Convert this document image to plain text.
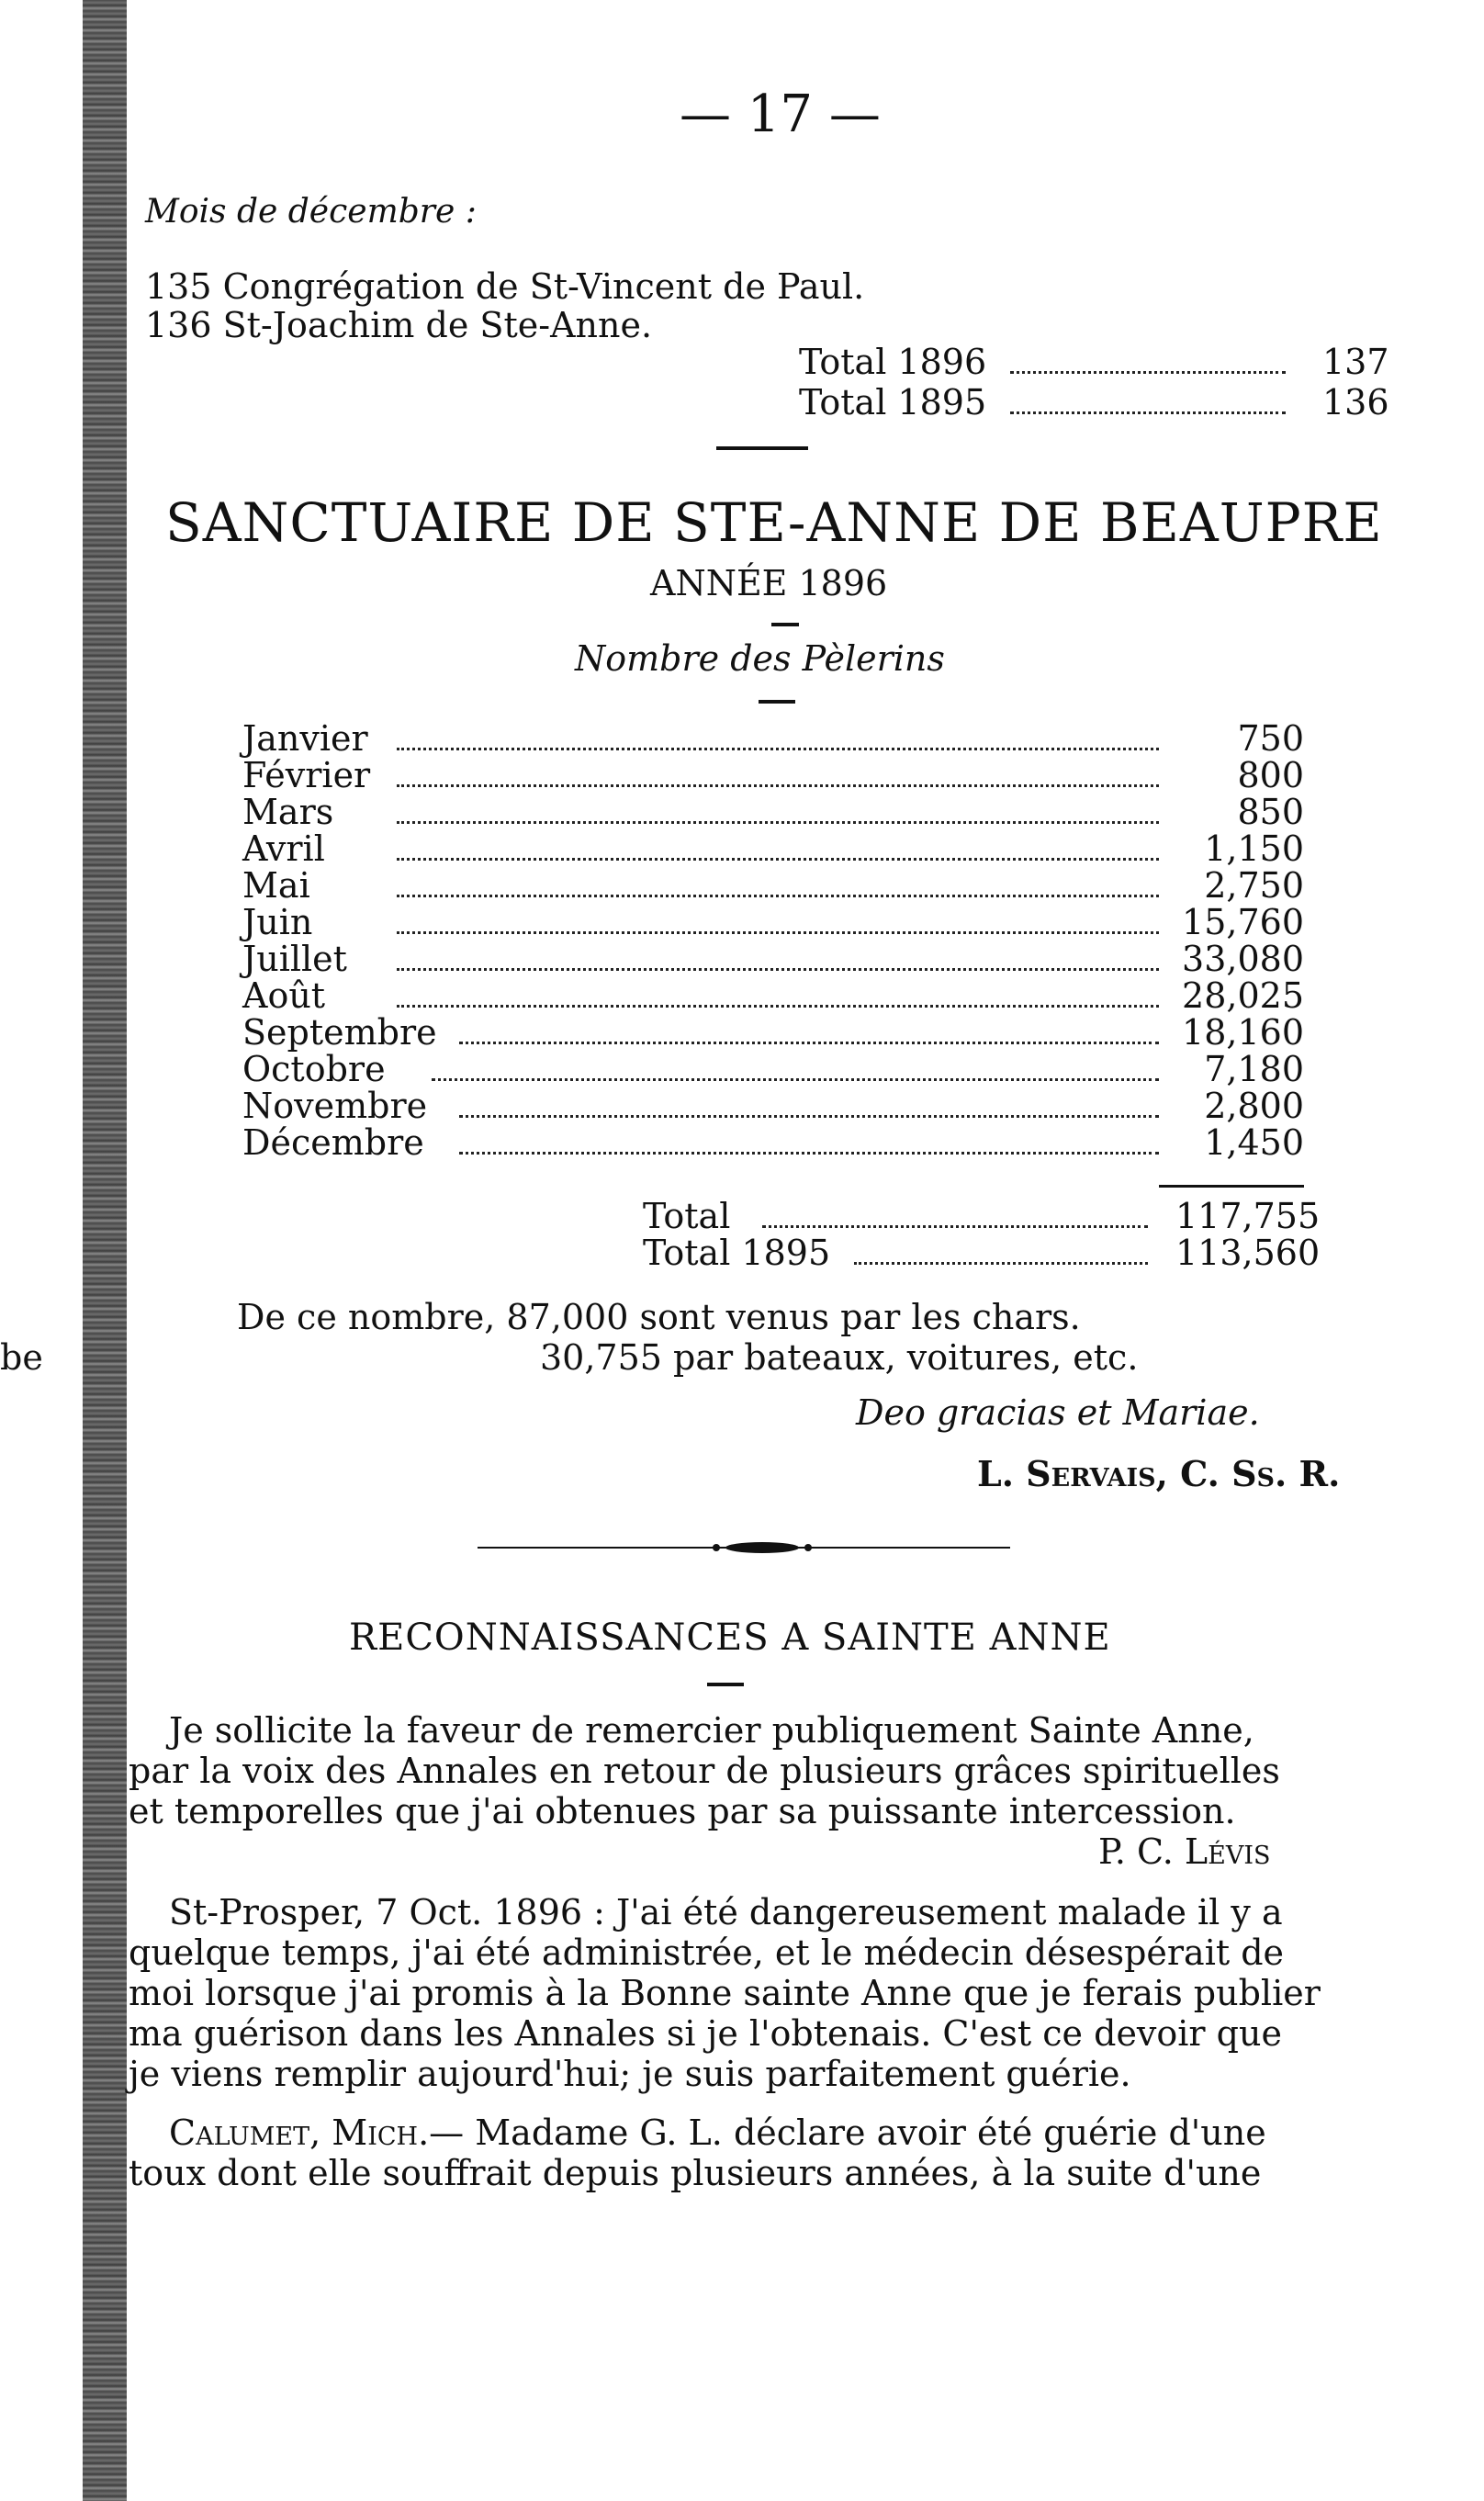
be
— 17 —
Mois de décembre :
135 Congrégation de St-Vincent de Paul.
136 St-Joachim de Ste-Anne.
Total 1896	137
Total 1895	136
SANCTUAIRE DE STE-ANNE DE BEAUPRE
ANNÉE 1896
Nombre des Pèlerins
Janvier	750
Février	800
Mars	850
Avril	1,150
Mai	2,750
Juin	15,760
Juillet	33,080
Août	28,025
Septembre	18,160
Octobre	7,180
Novembre	2,800
Décembre	1,450
Total	117,755
Total 1895	113,560
De ce nombre, 87,000 sont venus par les chars.
30,755 par bateaux, voitures, etc.
Deo gracias et Mariae.
L. Servais, C. Ss. R.
RECONNAISSANCES A SAINTE ANNE
Je sollicite la faveur de remercier publiquement Sainte Anne,
par la voix des Annales en retour de plusieurs grâces spirituelles
et temporelles que j'ai obtenues par sa puissante intercession.
P. C. Lévis
St-Prosper, 7 Oct. 1896 : J'ai été dangereusement malade il y a
quelque temps, j'ai été administrée, et le médecin désespérait de
moi lorsque j'ai promis à la Bonne sainte Anne que je ferais publier
ma guérison dans les Annales si je l'obtenais. C'est ce devoir que
je viens remplir aujourd'hui; je suis parfaitement guérie.
Calumet, Mich.— Madame G. L. déclare avoir été guérie d'une
toux dont elle souffrait depuis plusieurs années, à la suite d'une
